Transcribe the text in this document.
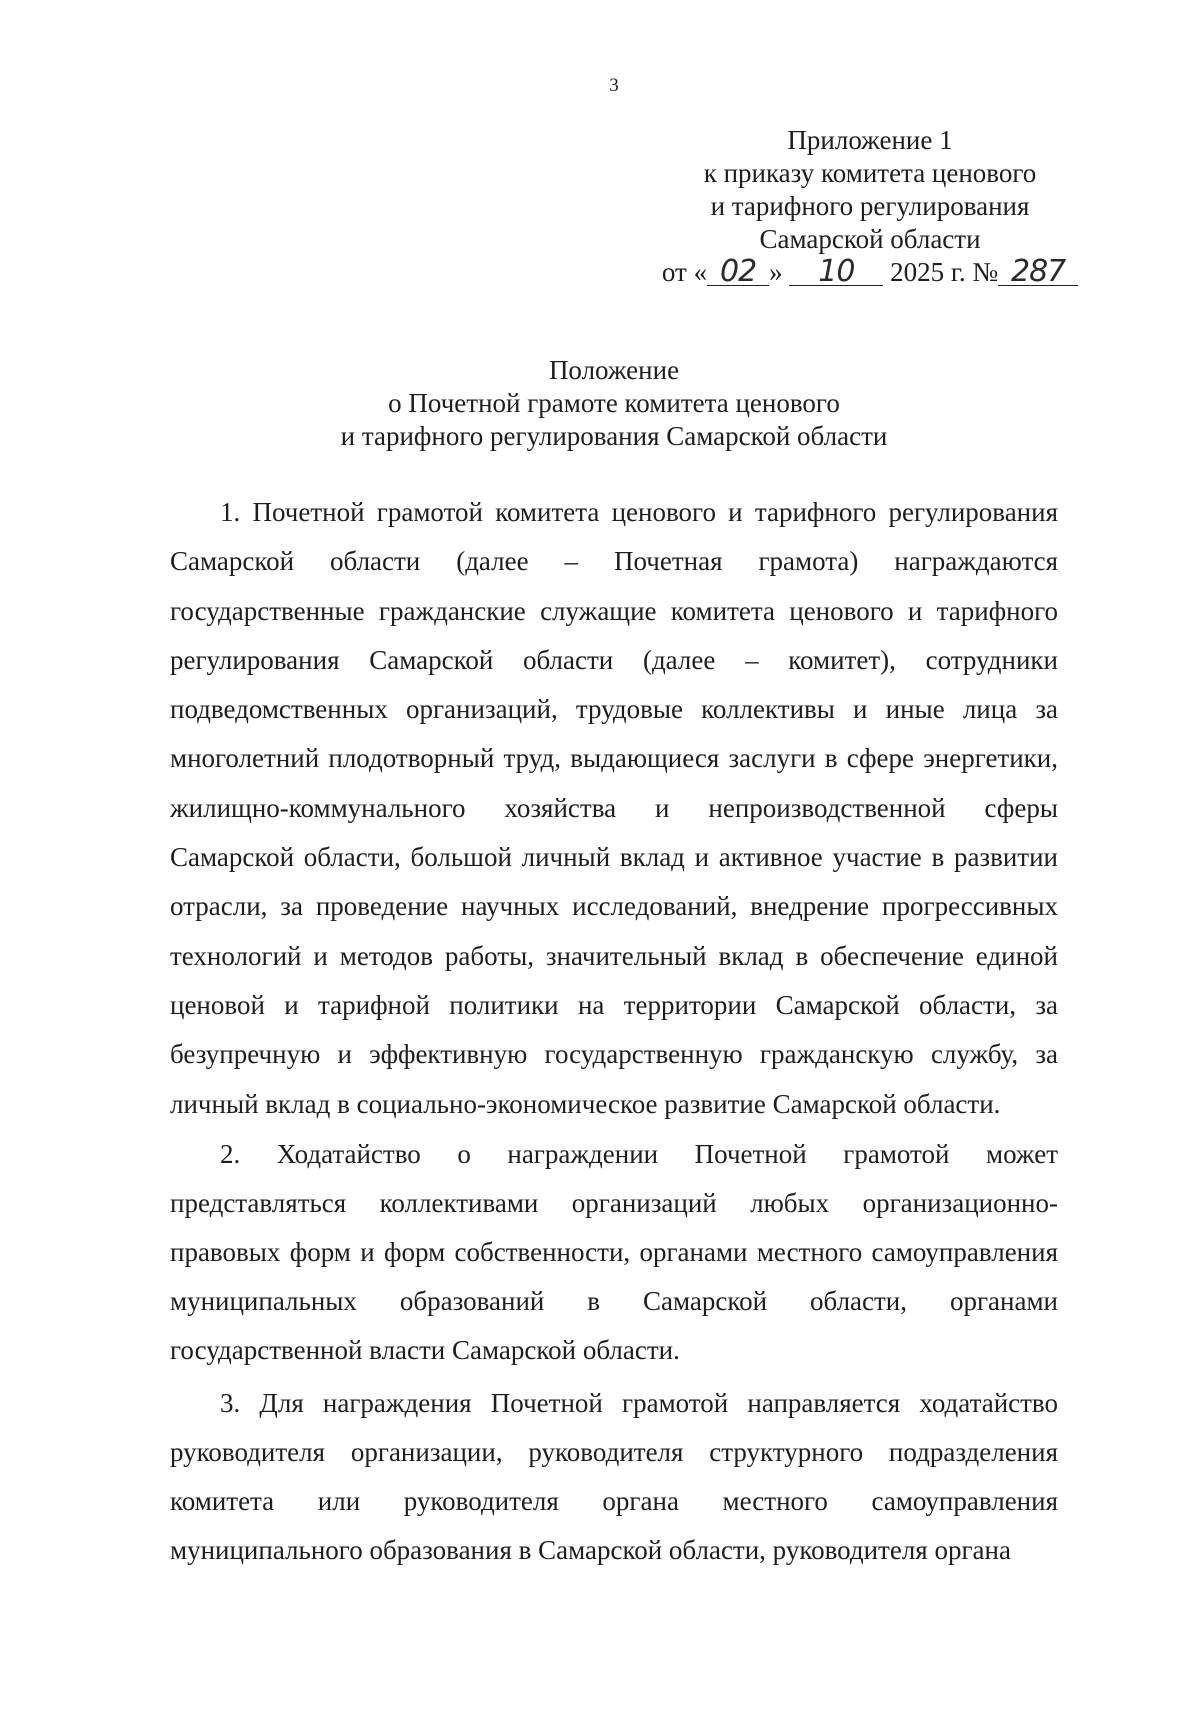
3
Приложение 1
к приказу комитета ценового
и тарифного регулирования
Самарской области
от « 02 » 10 2025 г. № 287
Положение
о Почетной грамоте комитета ценового
и тарифного регулирования Самарской области

1. Почетной грамотой комитета ценового и тарифного регулирования Самарской области (далее – Почетная грамота) награждаются государственные гражданские служащие комитета ценового и тарифного регулирования Самарской области (далее – комитет), сотрудники подведомственных организаций, трудовые коллективы и иные лица за многолетний плодотворный труд, выдающиеся заслуги в сфере энергетики, жилищно-коммунального хозяйства и непроизводственной сферы Самарской области, большой личный вклад и активное участие в развитии отрасли, за проведение научных исследований, внедрение прогрессивных технологий и методов работы, значительный вклад в обеспечение единой ценовой и тарифной политики на территории Самарской области, за безупречную и эффективную государственную гражданскую службу, за личный вклад в социально-экономическое развитие Самарской области.

2. Ходатайство о награждении Почетной грамотой может представляться коллективами организаций любых организационно-правовых форм и форм собственности, органами местного самоуправления муниципальных образований в Самарской области, органами государственной власти Самарской области.

3. Для награждения Почетной грамотой направляется ходатайство руководителя организации, руководителя структурного подразделения комитета или руководителя органа местного самоуправления муниципального образования в Самарской области, руководителя органа
